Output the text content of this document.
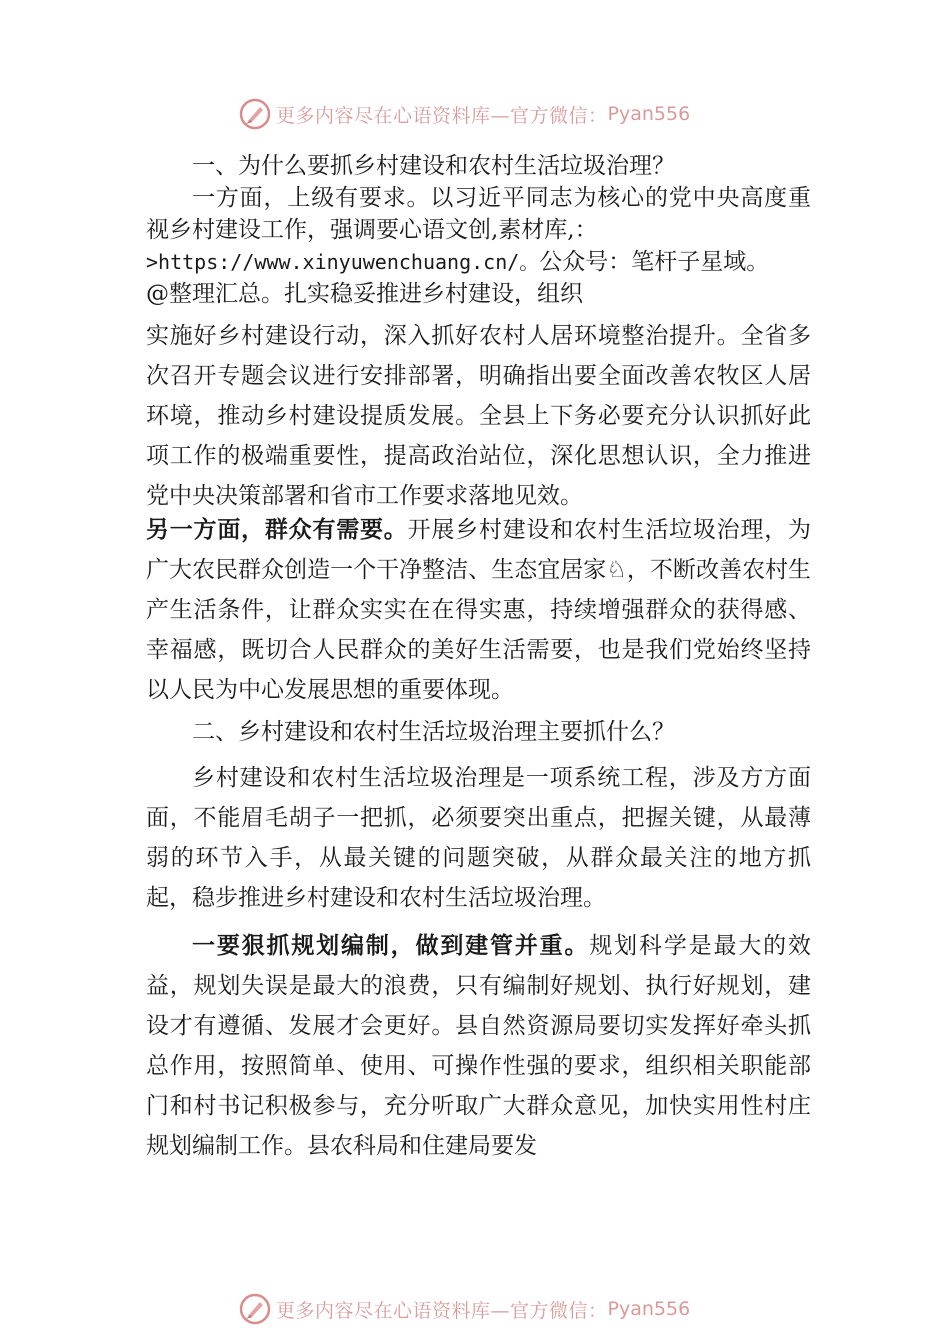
更多内容尽在心语资料库—官方微信： Pyan556

一、为什么要抓乡村建设和农村生活垃圾治理？

一方面，上级有要求。以习近平同志为核心的党中央高度重视乡村建设工作，强调要心语文创,素材库,：
>https://www.xinyuwenchuang.cn/。公众号：笔杆子星域。
@整理汇总。扎实稳妥推进乡村建设，组织

实施好乡村建设行动，深入抓好农村人居环境整治提升。全省多次召开专题会议进行安排部署，明确指出要全面改善农牧区人居环境，推动乡村建设提质发展。全县上下务必要充分认识抓好此项工作的极端重要性，提高政治站位，深化思想认识，全力推进党中央决策部署和省市工作要求落地见效。

另一方面，群众有需要。开展乡村建设和农村生活垃圾治理，为广大农民群众创造一个干净整洁、生态宜居家♘，不断改善农村生产生活条件，让群众实实在在得实惠，持续增强群众的获得感、幸福感，既切合人民群众的美好生活需要，也是我们党始终坚持以人民为中心发展思想的重要体现。

二、乡村建设和农村生活垃圾治理主要抓什么？

乡村建设和农村生活垃圾治理是一项系统工程，涉及方方面面，不能眉毛胡子一把抓，必须要突出重点，把握关键，从最薄弱的环节入手，从最关键的问题突破，从群众最关注的地方抓起，稳步推进乡村建设和农村生活垃圾治理。

一要狠抓规划编制，做到建管并重。规划科学是最大的效益，规划失误是最大的浪费，只有编制好规划、执行好规划，建设才有遵循、发展才会更好。县自然资源局要切实发挥好牵头抓总作用，按照简单、使用、可操作性强的要求，组织相关职能部门和村书记积极参与，充分听取广大群众意见，加快实用性村庄规划编制工作。县农科局和住建局要发

更多内容尽在心语资料库—官方微信： Pyan556
